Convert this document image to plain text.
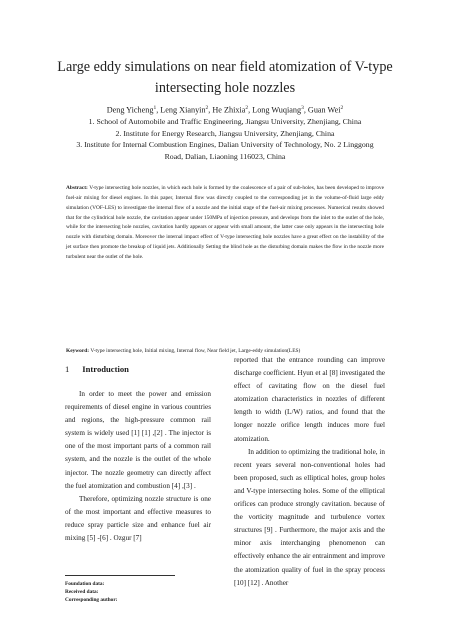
Large eddy simulations on near field atomization of V-type
intersecting hole nozzles
Deng Yicheng$^1$, Leng Xianyin$^2$, He Zhixia$^2$, Long Wuqiang$^3$, Guan Wei$^2$
1. School of Automobile and Traffic Engineering, Jiangsu University, Zhenjiang, China
2. Institute for Energy Research, Jiangsu University, Zhenjiang, China
3. Institute for Internal Combustion Engines, Dalian University of Technology, No. 2 Linggong
Road, Dalian, Liaoning 116023, China
Abstract: V-type intersecting hole nozzles, in which each hole is formed by the coalescence of a pair of sub-holes, has been developed to improve fuel-air mixing for diesel engines. In this paper, Internal flow was directly coupled to the corresponding jet in the volume-of-fluid large eddy simulation (VOF-LES) to investigate the internal flow of a nozzle and the initial stage of the fuel-air mixing processes. Numerical results showed that for the cylindrical hole nozzle, the cavitation appear under 150MPa of injection pressure, and develops from the inlet to the outlet of the hole, while for the intersecting hole nozzles, cavitation hardly appears or appear with small amount, the latter case only appears in the intersecting hole nozzle with disturbing domain. Moreover the internal impact effect of V-type intersecting hole nozzles have a great effect on the instability of the jet surface then promote the breakup of liquid jets. Additionally Setting the blind hole as the disturbing domain makes the flow in the nozzle more turbulent near the outlet of the hole.
Keyword: V-type intersecting hole, Initial mixing, Internal flow, Near field jet, Large-eddy simulation(LES)
1 Introduction

In order to meet the power and emission requirements of diesel engine in various countries and regions, the high-pressure common rail system is widely used [1] [1] ,[2] . The injector is one of the most important parts of a common rail system, and the nozzle is the outlet of the whole injector. The nozzle geometry can directly affect the fuel atomization and combustion [4] ,[3] .

Therefore, optimizing nozzle structure is one of the most important and effective measures to reduce spray particle size and enhance fuel air mixing [5] -[6] . Ozgur [7]

reported that the entrance rounding can improve discharge coefficient. Hyun et al [8] investigated the effect of cavitating flow on the diesel fuel atomization characteristics in nozzles of different length to width (L/W) ratios, and found that the longer nozzle orifice length induces more fuel atomization.

In addition to optimizing the traditional hole, in recent years several non-conventional holes had been proposed, such as elliptical holes, group holes and V-type intersecting holes. Some of the elliptical orifices can produce strongly cavitation. because of the vorticity magnitude and turbulence vortex structures [9] . Furthermore, the major axis and the minor axis interchanging phenomenon can effectively enhance the air entrainment and improve the atomization quality of fuel in the spray process [10] [12] . Another

Foundation data:
Received data:
Corresponding author:
